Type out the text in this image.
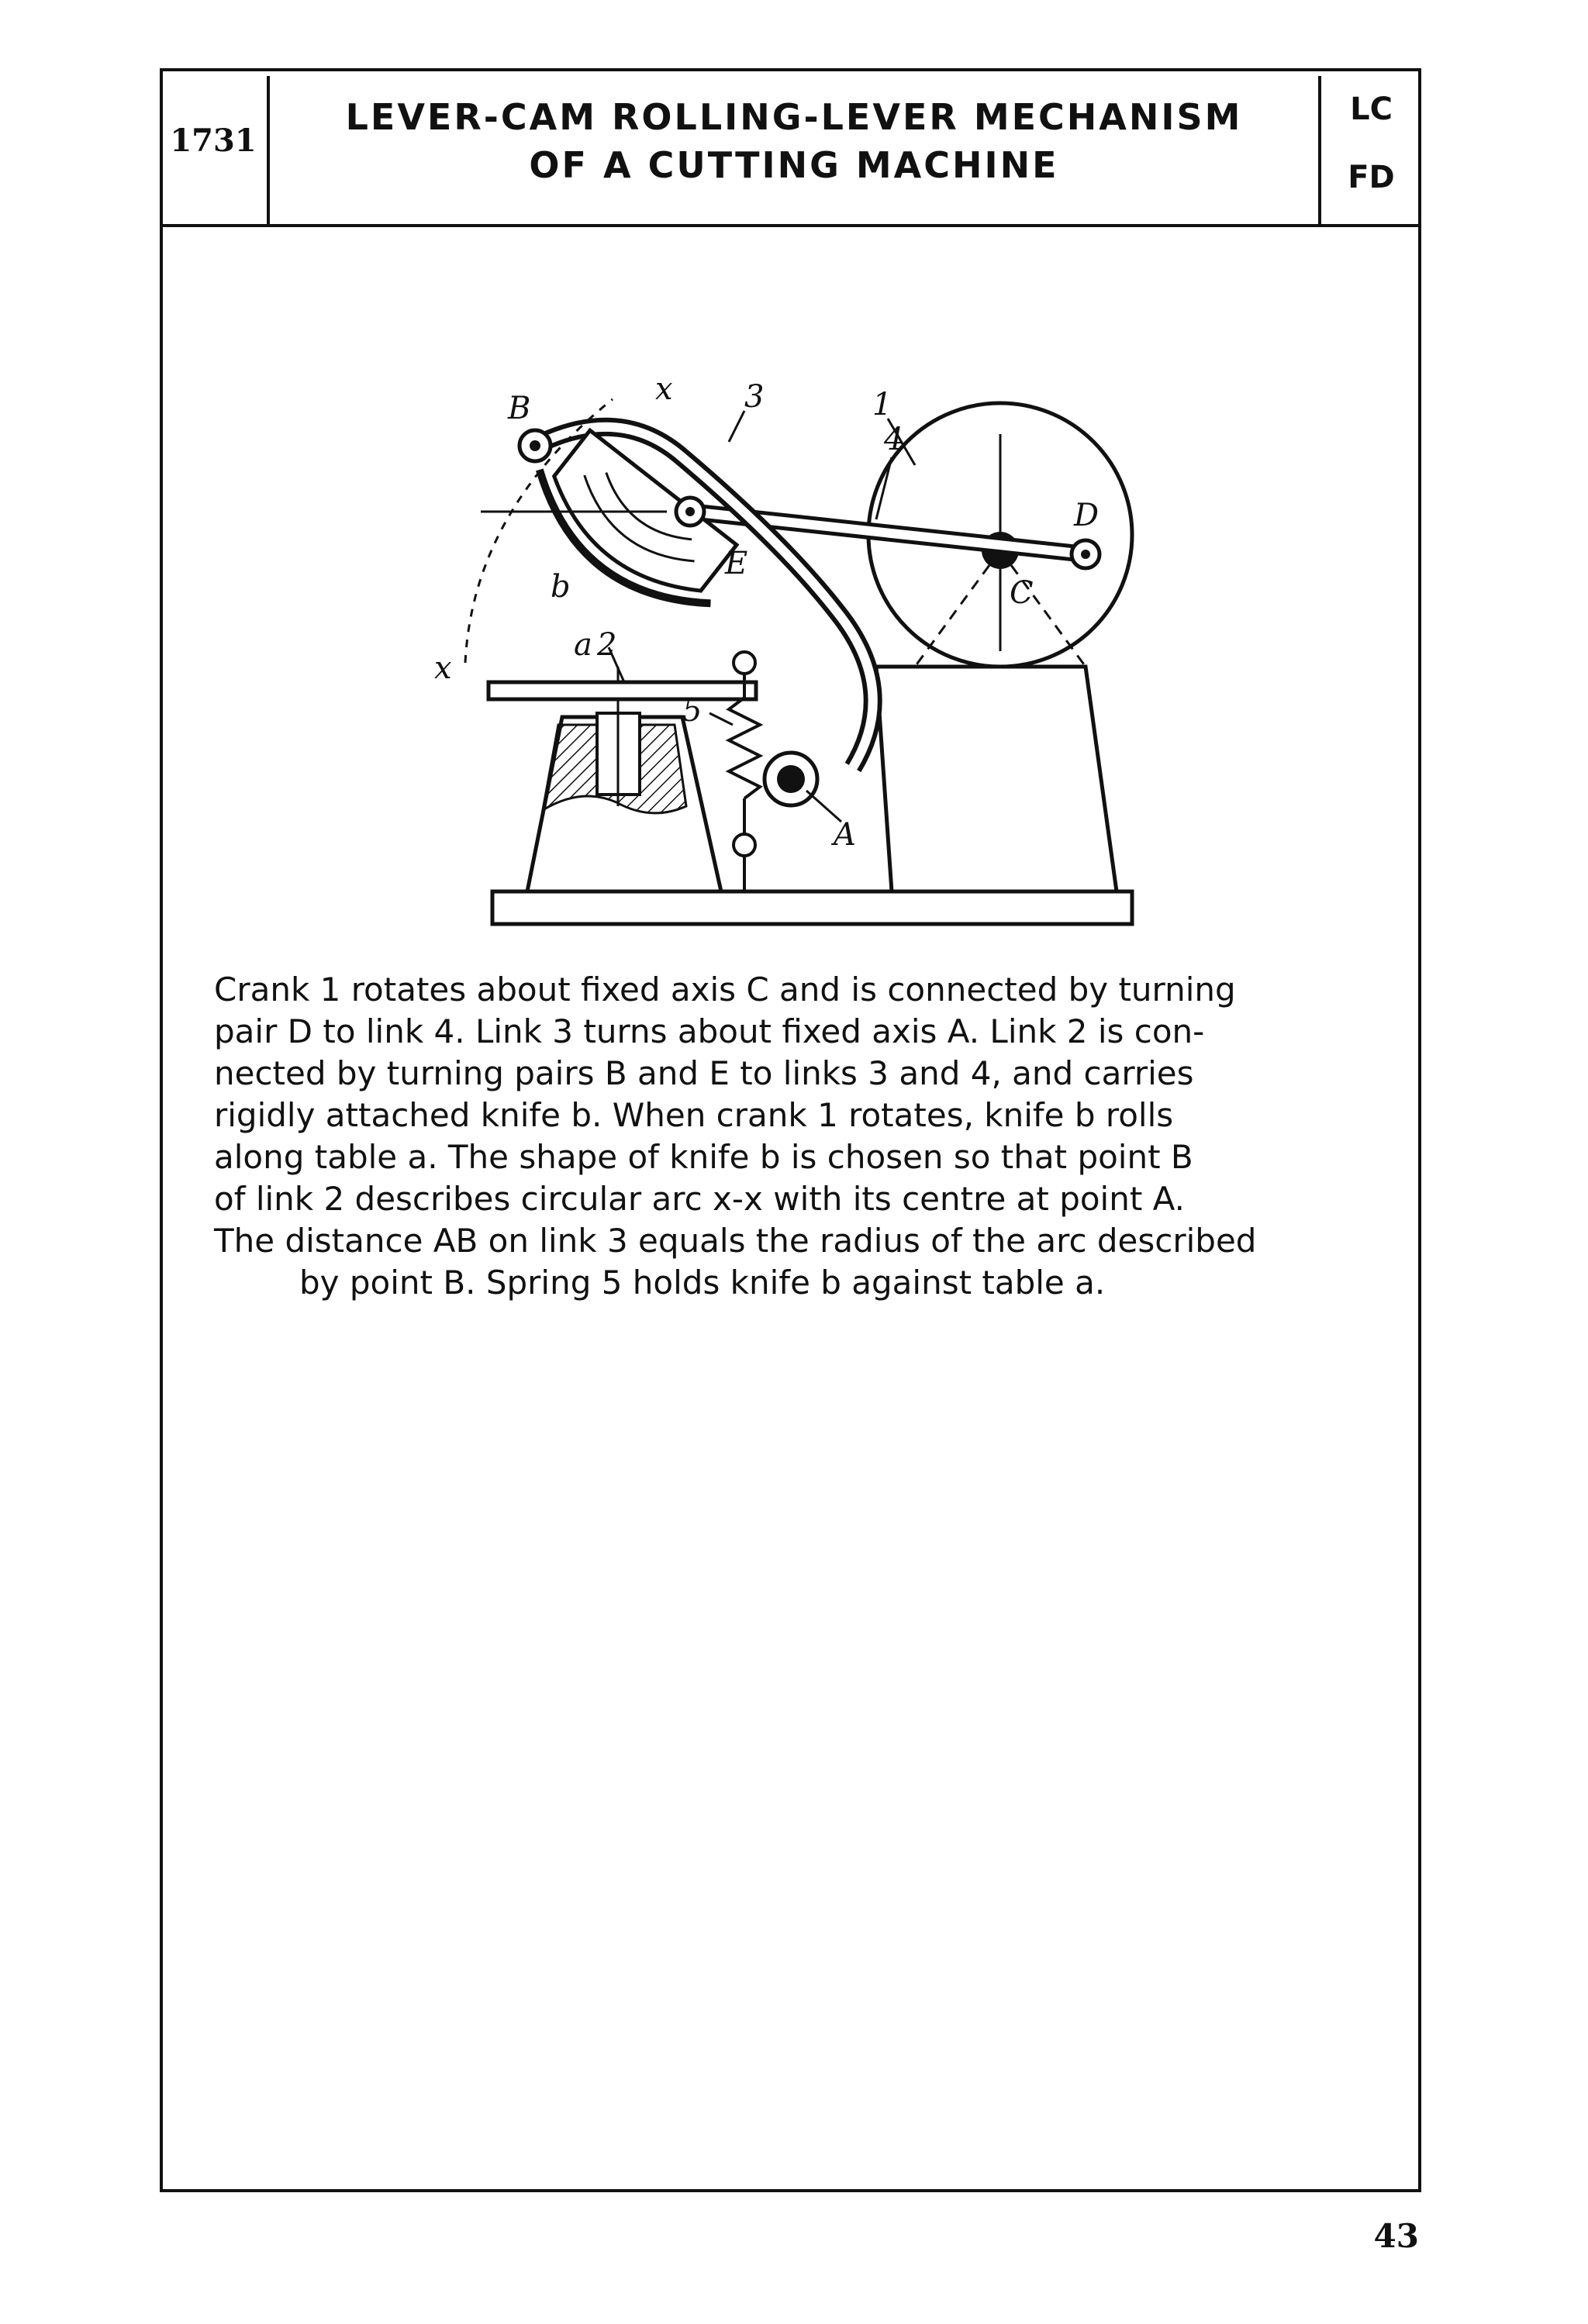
1731
LEVER-CAM ROLLING-LEVER MECHANISM
OF A CUTTING MACHINE
LC
FD
1
2
3
4
5
A
B
C
D
E
a
b
x
x
Crank 1 rotates about fixed axis C and is connected by turning
pair D to link 4. Link 3 turns about fixed axis A. Link 2 is con-
nected by turning pairs B and E to links 3 and 4, and carries
rigidly attached knife b. When crank 1 rotates, knife b rolls
along table a. The shape of knife b is chosen so that point B
of link 2 describes circular arc x-x with its centre at point A.
The distance AB on link 3 equals the radius of the arc described
by point B. Spring 5 holds knife b against table a.
43
